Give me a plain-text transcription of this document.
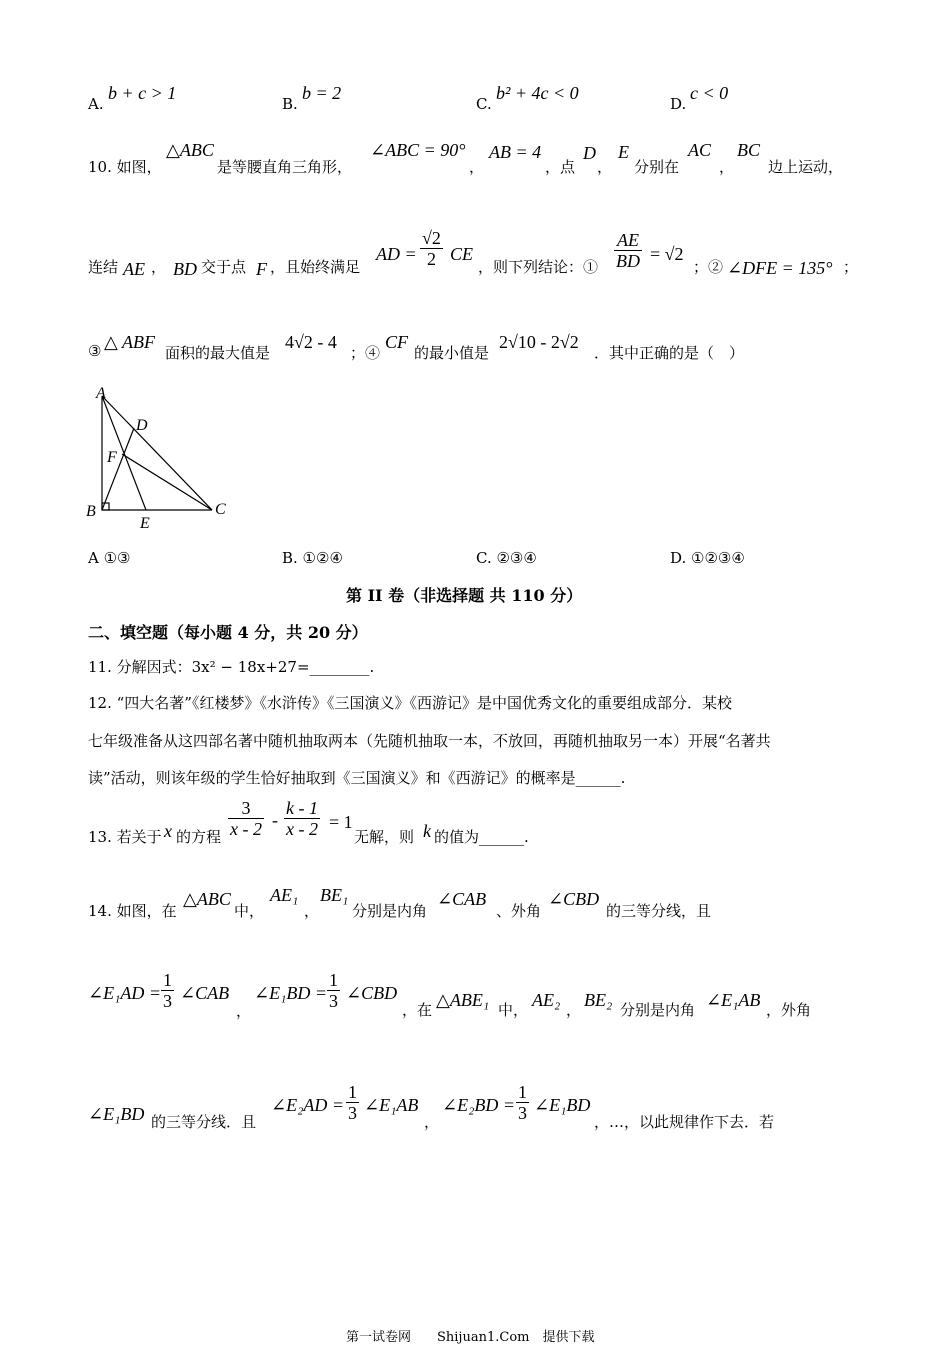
A.
b + c > 1
B.
b = 2
C.
b² + 4c < 0
D.
c < 0
10. 如图，
△ABC
是等腰直角三角形，
∠ABC = 90°
，
AB = 4
，点
D
，
E
分别在
AC
，
BC
边上运动，
连结 AE ， BD 交于点 F ，且始终满足
AD = $\frac{√2}{2}$ CE
，则下列结论：① $\frac{AE}{BD} = √2$
；② ∠DFE = 135° ；
③ △ ABF
面积的最大值是
4√2 - 4
；④
CF
的最小值是
2√10 - 2√2
．其中正确的是（　）
A
B	C
D
E
F
A ①③	B. ①②④	C. ②③④	D. ①②③④
第 II 卷（非选择题 共 110 分）
二、填空题（每小题 4 分，共 20 分）
11. 分解因式：3x² − 18x+27=________.
12. “四大名著”《红楼梦》《水浒传》《三国演义》《西游记》是中国优秀文化的重要组成部分．某校
七年级准备从这四部名著中随机抽取两本（先随机抽取一本，不放回，再随机抽取另一本）开展“名著共
读”活动，则该年级的学生恰好抽取到《三国演义》和《西游记》的概率是______.
13. 若关于 x 的方程 $\frac{3}{x - 2} - \frac{k - 1}{x - 2} = 1$
无解，则 k 的值为______.
14. 如图，在
△ABC
中，
AE₁
，
BE₁
分别是内角
∠CAB
、外角
∠CBD
的三等分线，且
∠E₁AD = $\frac{1}{3}$ ∠CAB
，
∠E₁BD = $\frac{1}{3}$ ∠CBD
，在 △ABE₁ 中， AE₂ ， BE₂ 分别是内角 ∠E₁AB ，外角
∠E₁BD 的三等分线．且
∠E₂AD = $\frac{1}{3}$ ∠E₁AB
，
∠E₂BD = $\frac{1}{3}$ ∠E₁BD
，…，以此规律作下去．若
第一试卷网　　Shijuan1.Com　提供下载
